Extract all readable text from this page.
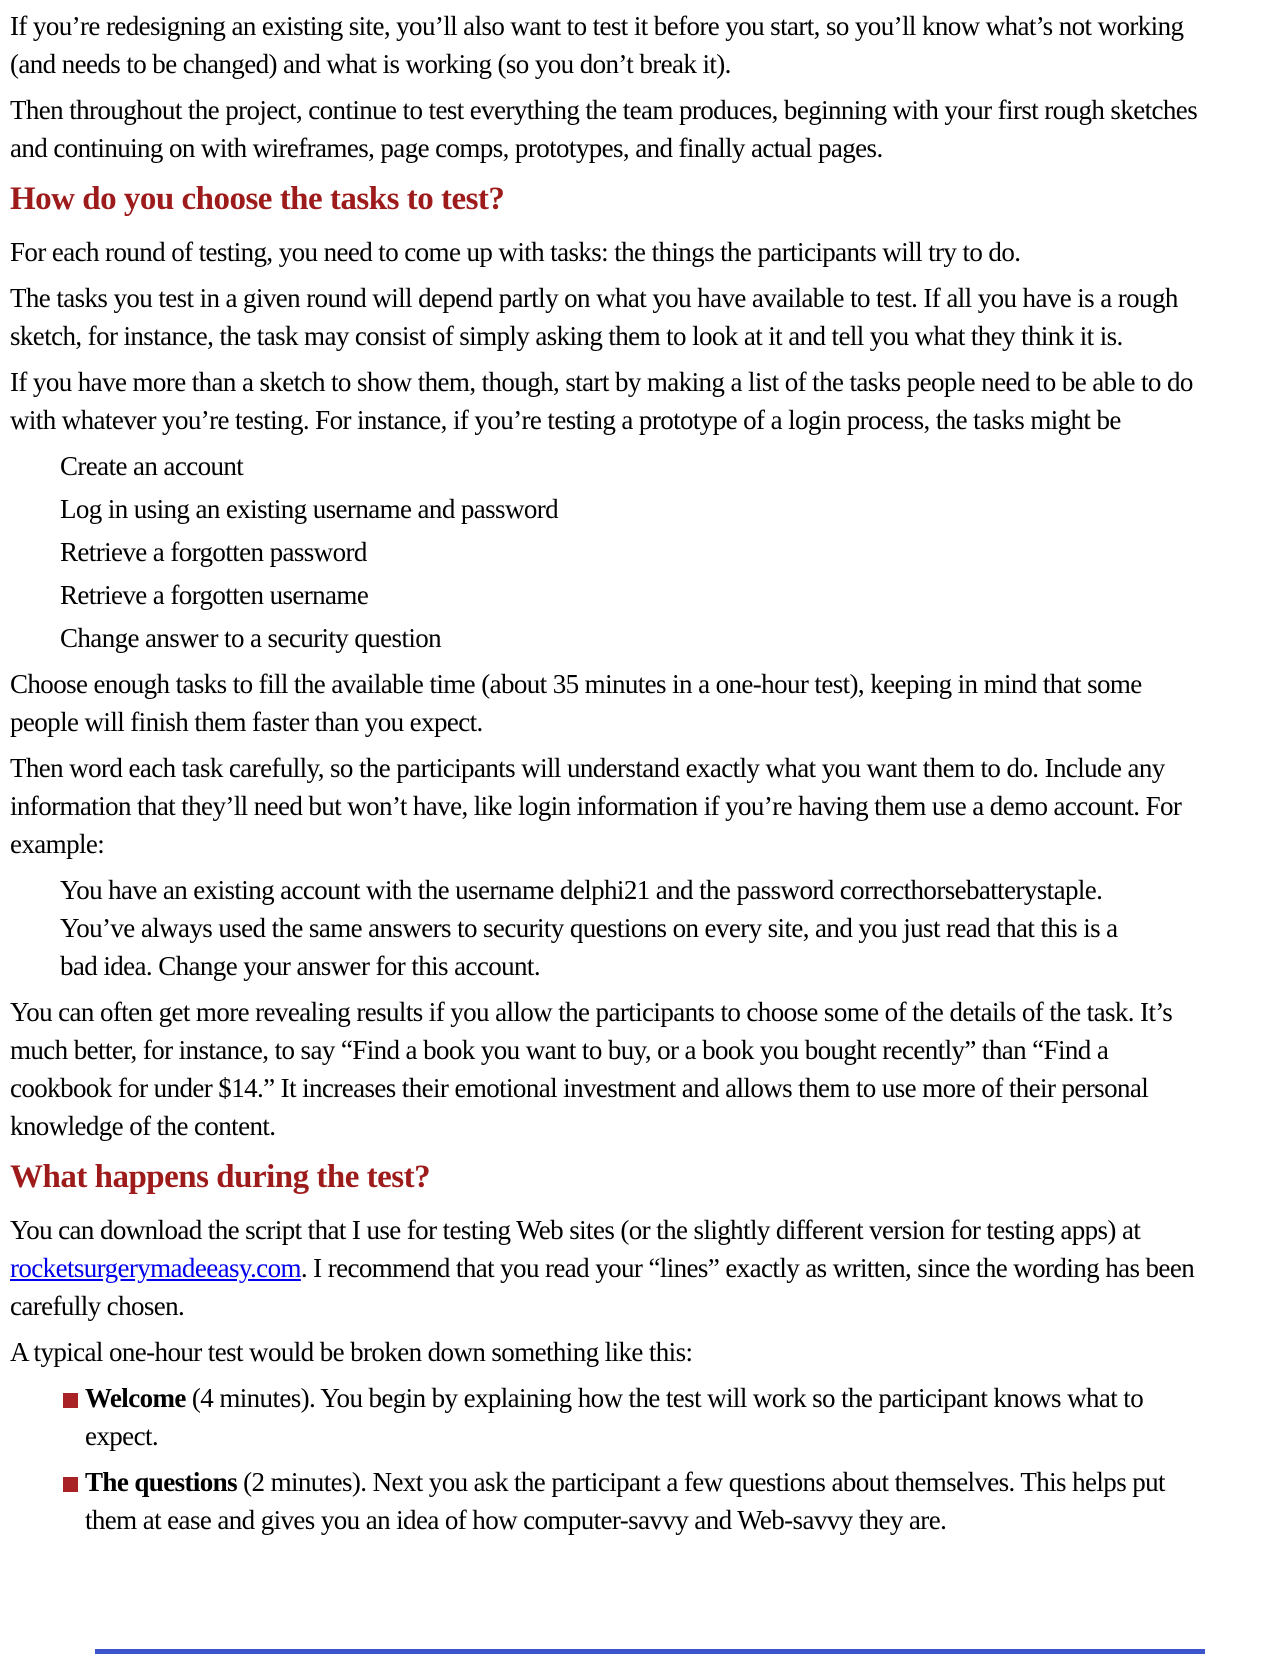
If you’re redesigning an existing site, you’ll also want to test it before you start, so you’ll know what’s not working (and needs to be changed) and what is working (so you don’t break it).

Then throughout the project, continue to test everything the team produces, beginning with your first rough sketches and continuing on with wireframes, page comps, prototypes, and finally actual pages.

How do you choose the tasks to test?

For each round of testing, you need to come up with tasks: the things the participants will try to do.

The tasks you test in a given round will depend partly on what you have available to test. If all you have is a rough sketch, for instance, the task may consist of simply asking them to look at it and tell you what they think it is.

If you have more than a sketch to show them, though, start by making a list of the tasks people need to be able to do with whatever you’re testing. For instance, if you’re testing a prototype of a login process, the tasks might be

Create an account
Log in using an existing username and password
Retrieve a forgotten password
Retrieve a forgotten username
Change answer to a security question

Choose enough tasks to fill the available time (about 35 minutes in a one-hour test), keeping in mind that some people will finish them faster than you expect.

Then word each task carefully, so the participants will understand exactly what you want them to do. Include any information that they’ll need but won’t have, like login information if you’re having them use a demo account. For example:

You have an existing account with the username delphi21 and the password correcthorsebatterystaple. You’ve always used the same answers to security questions on every site, and you just read that this is a bad idea. Change your answer for this account.

You can often get more revealing results if you allow the participants to choose some of the details of the task. It’s much better, for instance, to say “Find a book you want to buy, or a book you bought recently” than “Find a cookbook for under $14.” It increases their emotional investment and allows them to use more of their personal knowledge of the content.

What happens during the test?

You can download the script that I use for testing Web sites (or the slightly different version for testing apps) at rocketsurgerymadeeasy.com. I recommend that you read your “lines” exactly as written, since the wording has been carefully chosen.

A typical one-hour test would be broken down something like this:

Welcome (4 minutes). You begin by explaining how the test will work so the participant knows what to expect.
The questions (2 minutes). Next you ask the participant a few questions about themselves. This helps put them at ease and gives you an idea of how computer-savvy and Web-savvy they are.
